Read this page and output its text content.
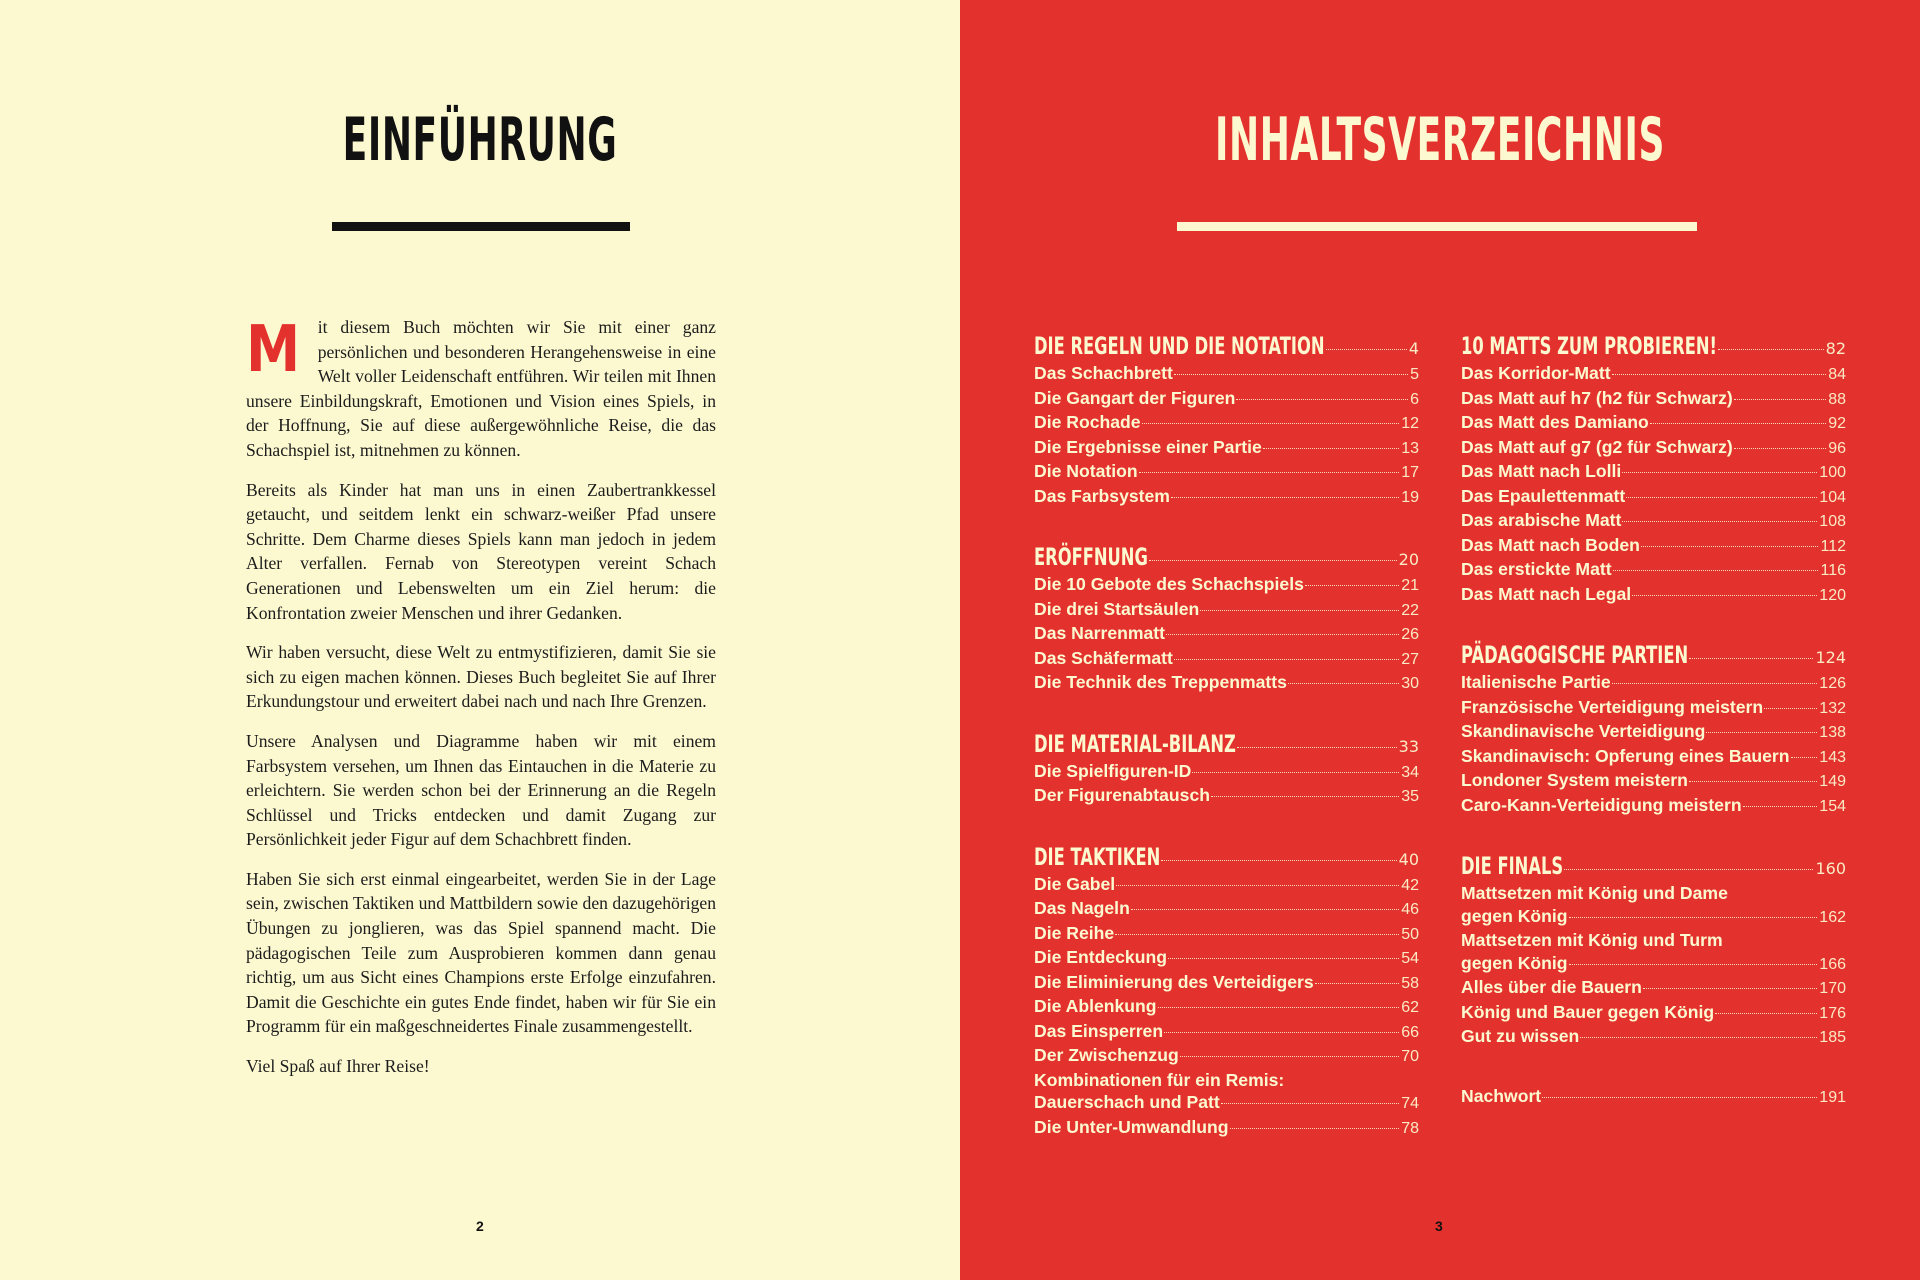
EINFÜHRUNG

Mit diesem Buch möchten wir Sie mit einer ganz persönlichen und besonderen Herangehensweise in eine Welt voller Leidenschaft entführen. Wir teilen mit Ihnen unsere Einbildungskraft, Emotionen und Vision eines Spiels, in der Hoffnung, Sie auf diese außergewöhnliche Reise, die das Schachspiel ist, mitnehmen zu können.

Bereits als Kinder hat man uns in einen Zaubertrankkessel getaucht, und seitdem lenkt ein schwarz-weißer Pfad unsere Schritte. Dem Charme dieses Spiels kann man jedoch in jedem Alter verfallen. Fernab von Stereotypen vereint Schach Generationen und Lebenswelten um ein Ziel herum: die Konfrontation zweier Menschen und ihrer Gedanken.

Wir haben versucht, diese Welt zu entmystifizieren, damit Sie sie sich zu eigen machen können. Dieses Buch begleitet Sie auf Ihrer Erkundungstour und erweitert dabei nach und nach Ihre Grenzen.

Unsere Analysen und Diagramme haben wir mit einem Farbsystem versehen, um Ihnen das Eintauchen in die Materie zu erleichtern. Sie werden schon bei der Erinnerung an die Regeln Schlüssel und Tricks entdecken und damit Zugang zur Persönlichkeit jeder Figur auf dem Schachbrett finden.

Haben Sie sich erst einmal eingearbeitet, werden Sie in der Lage sein, zwischen Taktiken und Mattbildern sowie den dazugehörigen Übungen zu jonglieren, was das Spiel spannend macht. Die pädagogischen Teile zum Ausprobieren kommen dann genau richtig, um aus Sicht eines Champions erste Erfolge einzufahren. Damit die Geschichte ein gutes Ende findet, haben wir für Sie ein Programm für ein maßgeschneidertes Finale zusammengestellt.

Viel Spaß auf Ihrer Reise!

2
INHALTSVERZEICHNIS
DIE REGELN UND DIE NOTATION	4
Das Schachbrett	5
Die Gangart der Figuren	6
Die Rochade	12
Die Ergebnisse einer Partie	13
Die Notation	17
Das Farbsystem	19
ERÖFFNUNG	20
Die 10 Gebote des Schachspiels	21
Die drei Startsäulen	22
Das Narrenmatt	26
Das Schäfermatt	27
Die Technik des Treppenmatts	30
DIE MATERIAL-BILANZ	33
Die Spielfiguren-ID	34
Der Figurenabtausch	35
DIE TAKTIKEN	40
Die Gabel	42
Das Nageln	46
Die Reihe	50
Die Entdeckung	54
Die Eliminierung des Verteidigers	58
Die Ablenkung	62
Das Einsperren	66
Der Zwischenzug	70
Kombinationen für ein Remis:
Dauerschach und Patt	74
Die Unter-Umwandlung	78
10 MATTS ZUM PROBIEREN!	82
Das Korridor-Matt	84
Das Matt auf h7 (h2 für Schwarz)	88
Das Matt des Damiano	92
Das Matt auf g7 (g2 für Schwarz)	96
Das Matt nach Lolli	100
Das Epaulettenmatt	104
Das arabische Matt	108
Das Matt nach Boden	112
Das erstickte Matt	116
Das Matt nach Legal	120
PÄDAGOGISCHE PARTIEN	124
Italienische Partie	126
Französische Verteidigung meistern	132
Skandinavische Verteidigung	138
Skandinavisch: Opferung eines Bauern 143
Londoner System meistern	149
Caro-Kann-Verteidigung meistern	154
DIE FINALS	160
Mattsetzen mit König und Dame
gegen König	162
Mattsetzen mit König und Turm
gegen König	166
Alles über die Bauern	170
König und Bauer gegen König	176
Gut zu wissen	185
Nachwort	191
3
